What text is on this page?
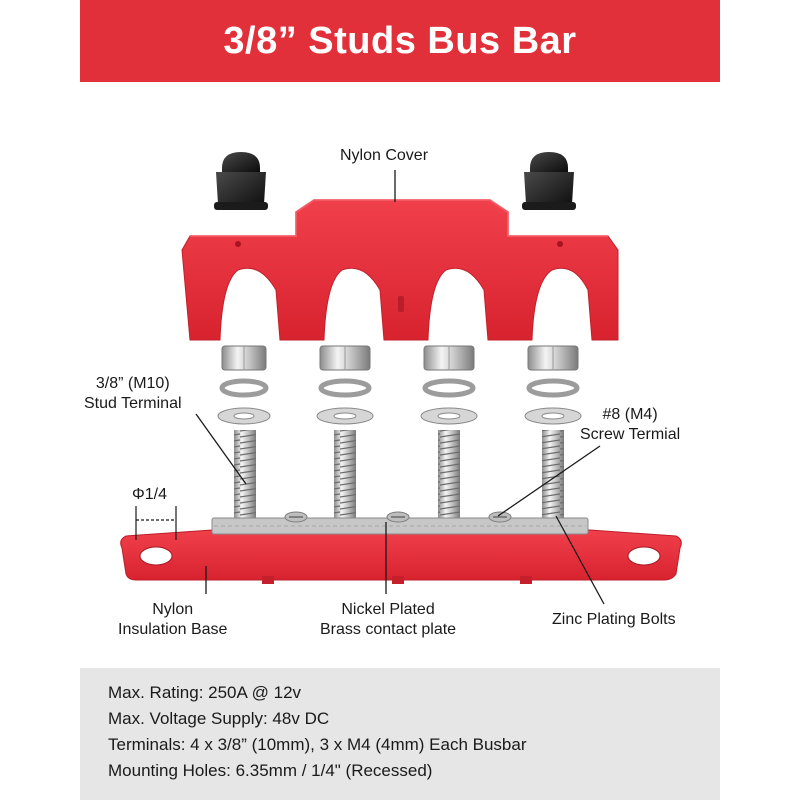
3/8” Studs Bus Bar
Nylon Cover
3/8” (M10)
Stud Terminal
#8 (M4)
Screw Termial
Φ1/4
Nylon
Insulation Base
Nickel Plated
Brass contact plate
Zinc Plating Bolts
Max. Rating: 250A @ 12v
Max. Voltage Supply: 48v DC
Terminals: 4 x 3/8” (10mm), 3 x M4 (4mm) Each Busbar
Mounting Holes: 6.35mm / 1/4" (Recessed)
